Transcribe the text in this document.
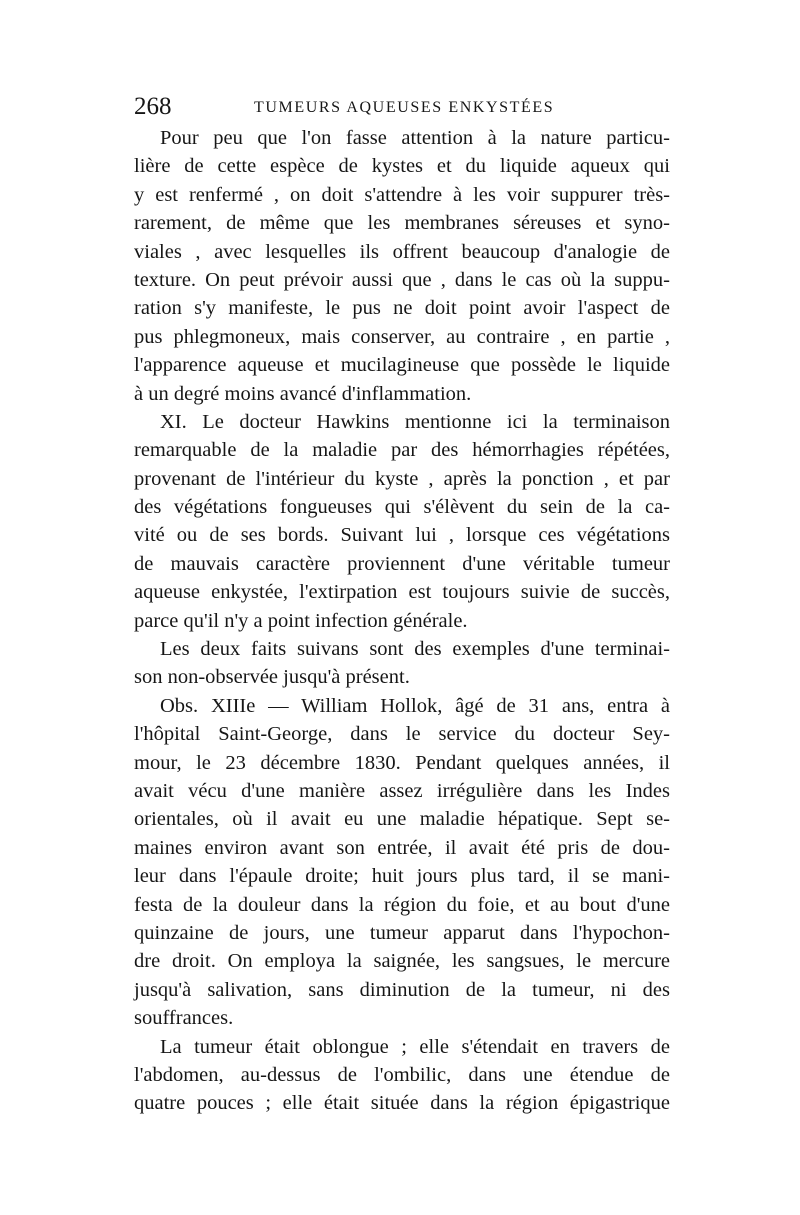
268	TUMEURS AQUEUSES ENKYSTÉES
Pour peu que l'on fasse attention à la nature particu-
lière de cette espèce de kystes et du liquide aqueux qui
y est renfermé , on doit s'attendre à les voir suppurer très-
rarement, de même que les membranes séreuses et syno-
viales , avec lesquelles ils offrent beaucoup d'analogie de
texture. On peut prévoir aussi que , dans le cas où la suppu-
ration s'y manifeste, le pus ne doit point avoir l'aspect de
pus phlegmoneux, mais conserver, au contraire , en partie ,
l'apparence aqueuse et mucilagineuse que possède le liquide
à un degré moins avancé d'inflammation.
XI. Le docteur Hawkins mentionne ici la terminaison
remarquable de la maladie par des hémorrhagies répétées,
provenant de l'intérieur du kyste , après la ponction , et par
des végétations fongueuses qui s'élèvent du sein de la ca-
vité ou de ses bords. Suivant lui , lorsque ces végétations
de mauvais caractère proviennent d'une véritable tumeur
aqueuse enkystée, l'extirpation est toujours suivie de succès,
parce qu'il n'y a point infection générale.
Les deux faits suivans sont des exemples d'une terminai-
son non-observée jusqu'à présent.
Obs. XIIIe — William Hollok, âgé de 31 ans, entra à
l'hôpital Saint-George, dans le service du docteur Sey-
mour, le 23 décembre 1830. Pendant quelques années, il
avait vécu d'une manière assez irrégulière dans les Indes
orientales, où il avait eu une maladie hépatique. Sept se-
maines environ avant son entrée, il avait été pris de dou-
leur dans l'épaule droite; huit jours plus tard, il se mani-
festa de la douleur dans la région du foie, et au bout d'une
quinzaine de jours, une tumeur apparut dans l'hypochon-
dre droit. On employa la saignée, les sangsues, le mercure
jusqu'à salivation, sans diminution de la tumeur, ni des
souffrances.
La tumeur était oblongue ; elle s'étendait en travers de
l'abdomen, au-dessus de l'ombilic, dans une étendue de
quatre pouces ; elle était située dans la région épigastrique
